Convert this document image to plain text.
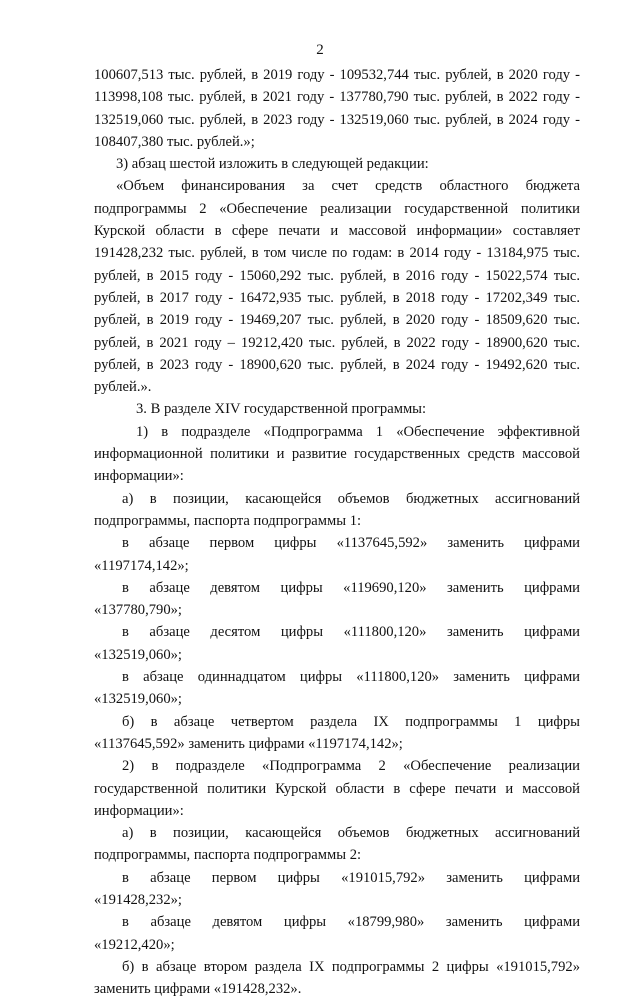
2
100607,513 тыс. рублей, в 2019 году - 109532,744 тыс. рублей, в 2020 году -
113998,108 тыс. рублей, в 2021 году - 137780,790 тыс. рублей, в 2022 году -
132519,060 тыс. рублей, в 2023 году - 132519,060 тыс. рублей, в 2024 году -
108407,380 тыс. рублей.»;
3) абзац шестой изложить в следующей редакции:
«Объем финансирования за счет средств областного бюджета
подпрограммы 2 «Обеспечение реализации государственной политики
Курской области в сфере печати и массовой информации» составляет
191428,232 тыс. рублей, в том числе по годам: в 2014 году - 13184,975 тыс.
рублей, в 2015 году - 15060,292 тыс. рублей, в 2016 году - 15022,574 тыс.
рублей, в 2017 году - 16472,935 тыс. рублей, в 2018 году - 17202,349 тыс.
рублей, в 2019 году - 19469,207 тыс. рублей, в 2020 году - 18509,620 тыс.
рублей, в 2021 году – 19212,420 тыс. рублей, в 2022 году - 18900,620 тыс.
рублей, в 2023 году - 18900,620 тыс. рублей, в 2024 году - 19492,620 тыс.
рублей.».
3. В разделе XIV государственной программы:
1) в подразделе «Подпрограмма 1 «Обеспечение эффективной
информационной политики и развитие государственных средств массовой
информации»:
а) в позиции, касающейся объемов бюджетных ассигнований
подпрограммы, паспорта подпрограммы 1:
в абзаце первом цифры «1137645,592» заменить цифрами
«1197174,142»;
в абзаце девятом цифры «119690,120» заменить цифрами
«137780,790»;
в абзаце десятом цифры «111800,120» заменить цифрами
«132519,060»;
в абзаце одиннадцатом цифры «111800,120» заменить цифрами
«132519,060»;
б) в абзаце четвертом раздела IX подпрограммы 1 цифры
«1137645,592» заменить цифрами «1197174,142»;
2) в подразделе «Подпрограмма 2 «Обеспечение реализации
государственной политики Курской области в сфере печати и массовой
информации»:
а) в позиции, касающейся объемов бюджетных ассигнований
подпрограммы, паспорта подпрограммы 2:
в абзаце первом цифры «191015,792» заменить цифрами
«191428,232»;
в абзаце девятом цифры «18799,980» заменить цифрами
«19212,420»;
б) в абзаце втором раздела IX подпрограммы 2 цифры «191015,792»
заменить цифрами «191428,232».
